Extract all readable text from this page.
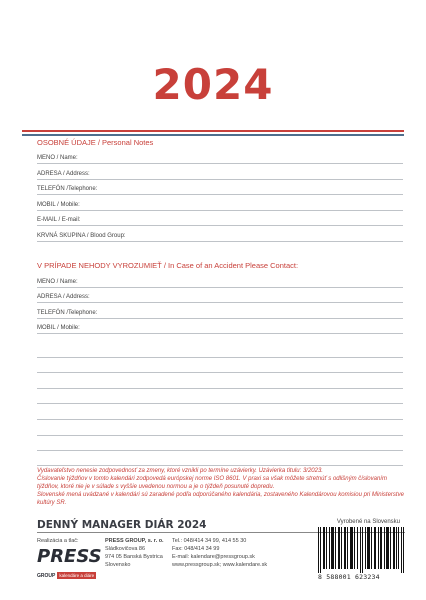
2024
OSOBNÉ ÚDAJE / Personal Notes
MENO / Name:
ADRESA / Address:
TELEFÓN /Telephone:
MOBIL / Mobile:
E-MAIL / E-mail:
KRVNÁ SKUPINA / Blood Group:
V PRÍPADE NEHODY VYROZUMIEŤ / In Case of an Accident Please Contact:
MENO / Name:
ADRESA / Address:
TELEFÓN /Telephone:
MOBIL / Mobile:
Vydavateľstvo nenesie zodpovednosť za zmeny, ktoré vznikli po termíne uzávierky. Uzávierka titulu: 3/2023.
Číslovanie týždňov v tomto kalendári zodpovedá európskej norme ISO 8601. V praxi sa však môžete stretnúť s odlišným číslovaním týždňov, ktoré nie je v súlade s vyššie uvedenou normou a je o týždeň posunuté dopredu.
Slovenské mená uvádzané v kalendári sú zaradené podľa odporúčaného kalendária, zostaveného Kalendárovou komisiou pri Ministerstve kultúry SR.
DENNÝ MANAGER DIÁR 2024	Vyrobené na Slovensku
Realizácia a tlač:
PRESS
GROUP kalendáre a diáre
PRESS GROUP, s. r. o.
Sládkovičova 86
974 05 Banská Bystrica
Slovensko
Tel.: 048/414 34 99, 414 55 30
Fax: 048/414 34 99
E-mail: kalendare@pressgroup.sk
www.pressgroup.sk; www.kalendare.sk
8 588001 623234
